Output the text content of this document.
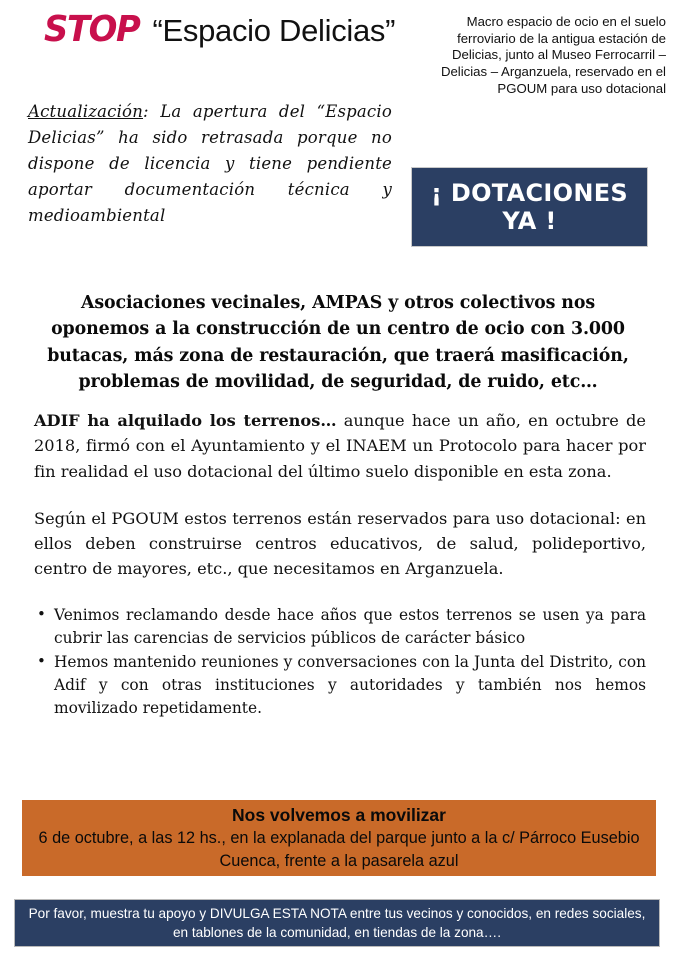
STOP “Espacio Delicias”	Macro espacio de ocio en el suelo ferroviario de la antigua estación de Delicias, junto al Museo Ferrocarril – Delicias – Arganzuela, reservado en el PGOUM para uso dotacional
Actualización: La apertura del “Espacio Delicias” ha sido retrasada porque no dispone de licencia y tiene pendiente aportar documentación técnica y medioambiental
¡ DOTACIONES
YA !
Asociaciones vecinales, AMPAS y otros colectivos nos oponemos a la construcción de un centro de ocio con 3.000 butacas, más zona de restauración, que traerá masificación, problemas de movilidad, de seguridad, de ruido, etc…

ADIF ha alquilado los terrenos… aunque hace un año, en octubre de 2018, firmó con el Ayuntamiento y el INAEM un Protocolo para hacer por fin realidad el uso dotacional del último suelo disponible en esta zona.

Según el PGOUM estos terrenos están reservados para uso dotacional: en ellos deben construirse centros educativos, de salud, polideportivo, centro de mayores, etc., que necesitamos en Arganzuela.

• Venimos reclamando desde hace años que estos terrenos se usen ya para cubrir las carencias de servicios públicos de carácter básico
• Hemos mantenido reuniones y conversaciones con la Junta del Distrito, con Adif y con otras instituciones y autoridades y también nos hemos movilizado repetidamente.
Nos volvemos a movilizar
6 de octubre, a las 12 hs., en la explanada del parque junto a la c/ Párroco Eusebio Cuenca, frente a la pasarela azul
Por favor, muestra tu apoyo y DIVULGA ESTA NOTA entre tus vecinos y conocidos, en redes sociales, en tablones de la comunidad, en tiendas de la zona….
